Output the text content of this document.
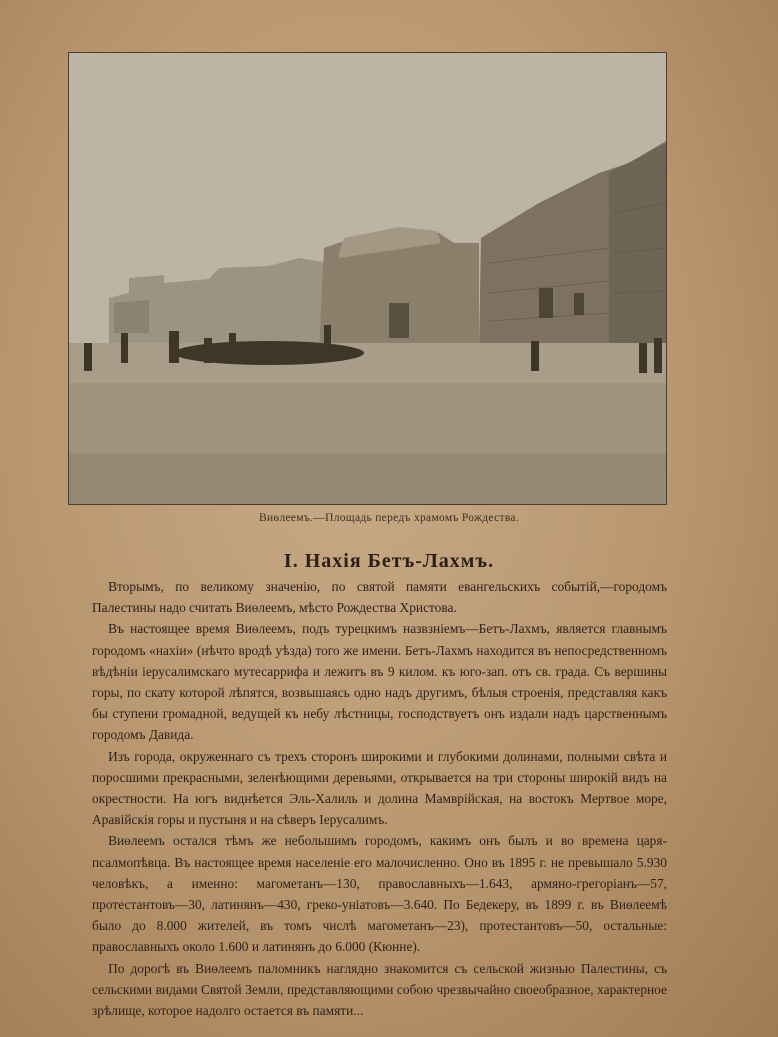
Виѳлеемъ.—Площадь передъ храмомъ Рождества.
I. Нахія Бетъ-Лахмъ.

Вторымъ, по великому значенію, по святой памяти евангельскихъ событій,—городомъ Палестины надо считать Виѳлеемъ, мѣсто Рождества Христова.

Въ настоящее время Виѳлеемъ, подъ турецкимъ назвзніемъ—Бетъ-Лахмъ, является главнымъ городомъ «нахіи» (нѣчто вродѣ уѣзда) того же имени. Бетъ-Лахмъ находится въ непосредственномъ вѣдѣніи іерусалимскаго мутесаррифа и лежитъ въ 9 килом. къ юго-зап. отъ св. града. Съ вершины горы, по скату которой лѣпятся, возвышаясь одно надъ другимъ, бѣлыя строенія, представляя какъ бы ступени громадной, ведущей къ небу лѣстницы, господствуетъ онъ издали надъ царственнымъ городомъ Давида.

Изъ города, окруженнаго съ трехъ сторонъ широкими и глубокими долинами, полными свѣта и поросшими прекрасными, зеленѣющими деревьями, открывается на три стороны широкій видъ на окрестности. На югъ виднѣется Эль-Халиль и долина Мамврійская, на востокъ Мертвое море, Аравійскія горы и пустыня и на сѣверъ Іерусалимъ.

Виѳлеемъ остался тѣмъ же небольшимъ городомъ, какимъ онъ былъ и во времена царя-псалмопѣвца. Въ настоящее время населеніе его малочисленно. Оно въ 1895 г. не превышало 5.930 человѣкъ, а именно: магометанъ—130, православныхъ—1.643, армяно-грегоріанъ—57, протестантовъ—30, латинянъ—430, греко-уніатовъ—3.640. По Бедекеру, въ 1899 г. въ Виѳлеемѣ было до 8.000 жителей, въ томъ числѣ магометанъ—23), протестантовъ—50, остальные: православныхъ около 1.600 и латинянъ до 6.000 (Кюнне).

По дорогѣ въ Виѳлеемъ паломникъ наглядно знакомится съ сельской жизнью Палестины, съ сельскими видами Святой Земли, представляющими собою чрезвычайно своеобразное, характерное зрѣлище, которое надолго остается въ памяти...
